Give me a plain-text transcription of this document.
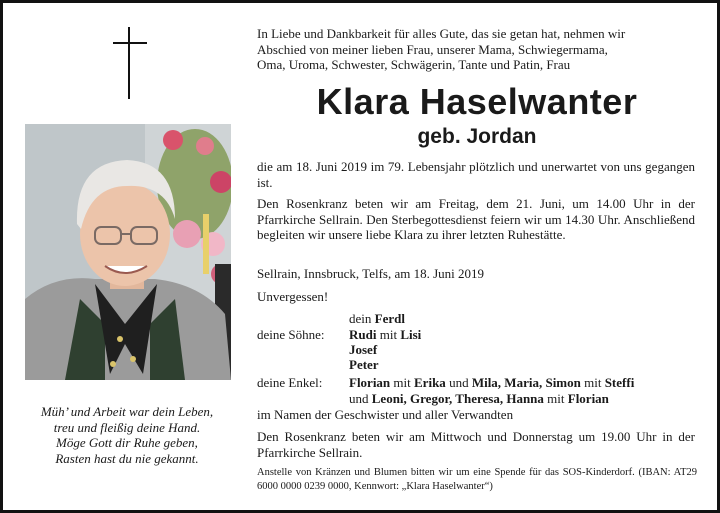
Müh’ und Arbeit war dein Leben,
treu und fleißig deine Hand.
Möge Gott dir Ruhe geben,
Rasten hast du nie gekannt.
In Liebe und Dankbarkeit für alles Gute, das sie getan hat, nehmen wir
Abschied von meiner lieben Frau, unserer Mama, Schwiegermama,
Oma, Uroma, Schwester, Schwägerin, Tante und Patin, Frau
Klara Haselwanter
geb. Jordan
die am 18. Juni 2019 im 79. Lebensjahr plötzlich und unerwartet von uns gegangen ist.
Den Rosenkranz beten wir am Freitag, dem 21. Juni, um 14.00 Uhr in der Pfarrkirche Sellrain. Den Sterbegottesdienst feiern wir um 14.30 Uhr. Anschließend begleiten wir unsere liebe Klara zu ihrer letzten Ruhestätte.
Sellrain, Innsbruck, Telfs, am 18. Juni 2019
Unvergessen!
dein Ferdl
deine Söhne: Rudi mit Lisi
Josef
Peter
deine Enkel: Florian mit Erika und Mila, Maria, Simon mit Steffi
und Leoni, Gregor, Theresa, Hanna mit Florian
im Namen der Geschwister und aller Verwandten
Den Rosenkranz beten wir am Mittwoch und Donnerstag um 19.00 Uhr in der Pfarrkirche Sellrain.
Anstelle von Kränzen und Blumen bitten wir um eine Spende für das SOS-Kinderdorf. (IBAN: AT29 6000 0000 0239 0000, Kennwort: „Klara Haselwanter“)
